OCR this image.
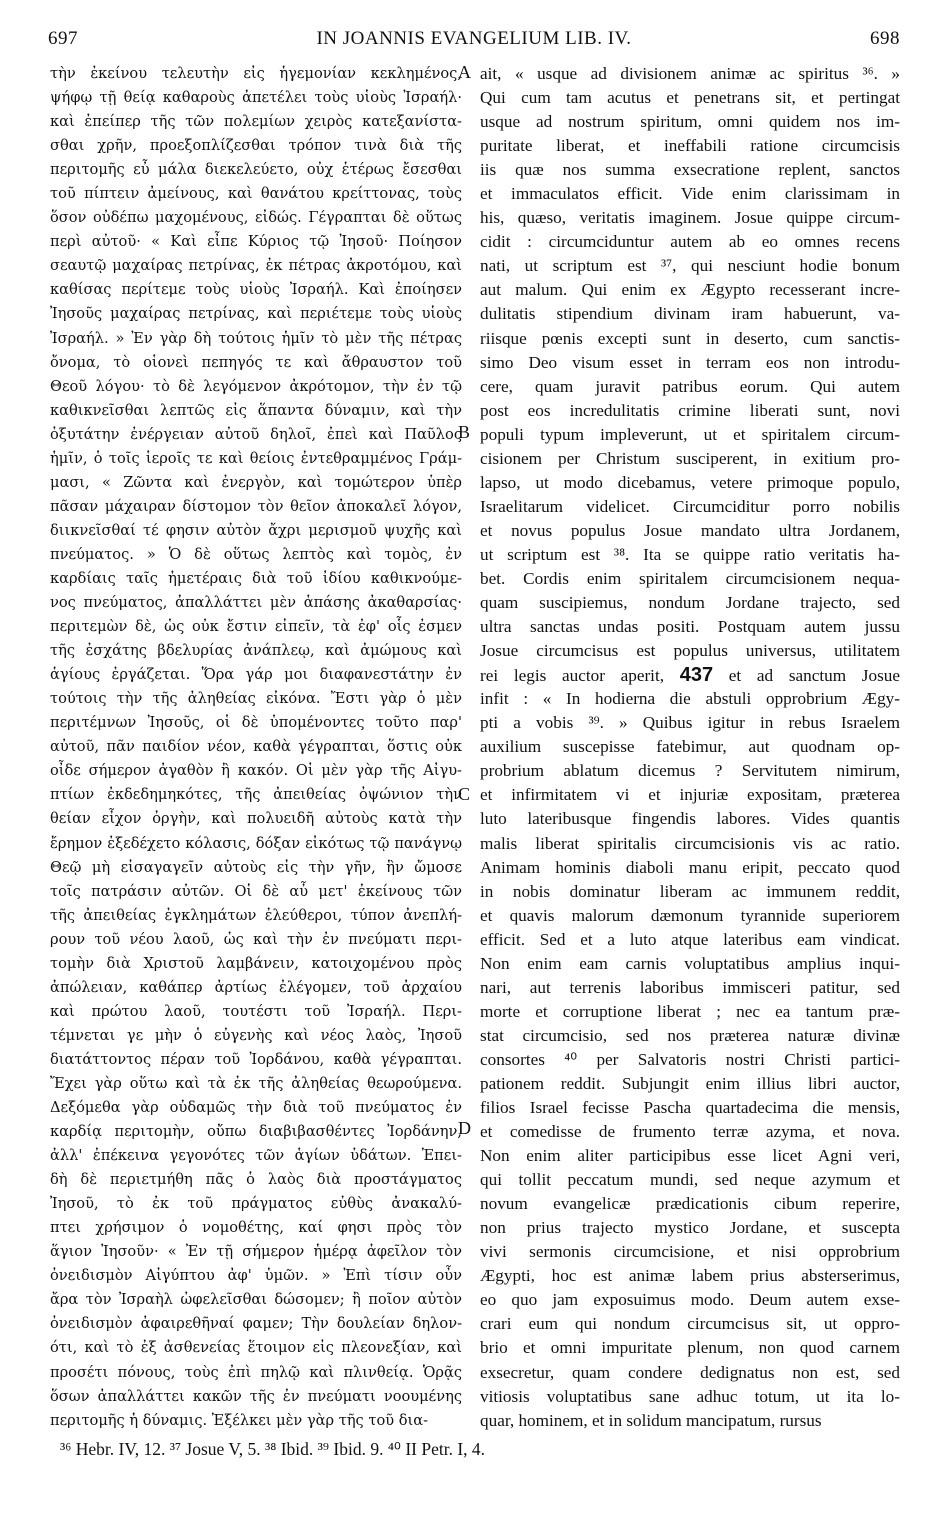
697	IN JOANNIS EVANGELIUM LIB. IV.	698
τὴν ἐκείνου τελευτὴν εἰς ἡγεμονίαν κεκλημένος,
ψήφῳ τῇ θείᾳ καθαροὺς ἀπετέλει τοὺς υἱοὺς Ἰσραήλ·
καὶ ἐπείπερ τῆς τῶν πολεμίων χειρὸς κατεξανίστα-
σθαι χρῆν, προεξοπλίζεσθαι τρόπον τινὰ διὰ τῆς
περιτομῆς εὖ μάλα διεκελεύετο, οὐχ ἑτέρως ἔσεσθαι
τοῦ πίπτειν ἀμείνους, καὶ θανάτου κρείττονας, τοὺς
ὅσον οὐδέπω μαχομένους, εἰδώς. Γέγραπται δὲ οὕτως
περὶ αὐτοῦ· « Καὶ εἶπε Κύριος τῷ Ἰησοῦ· Ποίησον
σεαυτῷ μαχαίρας πετρίνας, ἐκ πέτρας ἀκροτόμου, καὶ
καθίσας περίτεμε τοὺς υἱοὺς Ἰσραήλ. Καὶ ἐποίησεν
Ἰησοῦς μαχαίρας πετρίνας, καὶ περιέτεμε τοὺς υἱοὺς
Ἰσραήλ. » Ἐν γὰρ δὴ τούτοις ἡμῖν τὸ μὲν τῆς πέτρας
ὄνομα, τὸ οἱονεὶ πεπηγός τε καὶ ἄθραυστον τοῦ
Θεοῦ λόγου· τὸ δὲ λεγόμενον ἀκρότομον, τὴν ἐν τῷ
καθικνεῖσθαι λεπτῶς εἰς ἅπαντα δύναμιν, καὶ τὴν
ὀξυτάτην ἐνέργειαν αὐτοῦ δηλοῖ, ἐπεὶ καὶ Παῦλος
ἡμῖν, ὁ τοῖς ἱεροῖς τε καὶ θείοις ἐντεθραμμένος Γράμ-
μασι, « Ζῶντα καὶ ἐνεργὸν, καὶ τομώτερον ὑπὲρ
πᾶσαν μάχαιραν δίστομον τὸν θεῖον ἀποκαλεῖ λόγον,
διικνεῖσθαί τέ φησιν αὐτὸν ἄχρι μερισμοῦ ψυχῆς καὶ
πνεύματος. » Ὁ δὲ οὕτως λεπτὸς καὶ τομὸς, ἐν
καρδίαις ταῖς ἡμετέραις διὰ τοῦ ἰδίου καθικνούμε-
νος πνεύματος, ἀπαλλάττει μὲν ἁπάσης ἀκαθαρσίας·
περιτεμὼν δὲ, ὡς οὐκ ἔστιν εἰπεῖν, τὰ ἐφ' οἷς ἐσμεν
τῆς ἐσχάτης βδελυρίας ἀνάπλεῳ, καὶ ἀμώμους καὶ
ἁγίους ἐργάζεται. Ὅρα γάρ μοι διαφανεστάτην ἐν
τούτοις τὴν τῆς ἀληθείας εἰκόνα. Ἔστι γὰρ ὁ μὲν
περιτέμνων Ἰησοῦς, οἱ δὲ ὑπομένοντες τοῦτο παρ'
αὐτοῦ, πᾶν παιδίον νέον, καθὰ γέγραπται, ὅστις οὐκ
οἶδε σήμερον ἀγαθὸν ἢ κακόν. Οἱ μὲν γὰρ τῆς Αἰγυ-
πτίων ἐκδεδημηκότες, τῆς ἀπειθείας ὀψώνιον τὴν
θείαν εἶχον ὀργὴν, καὶ πολυειδῆ αὐτοὺς κατὰ τὴν
ἔρημον ἐξεδέχετο κόλασις, δόξαν εἰκότως τῷ πανάγνῳ
Θεῷ μὴ εἰσαγαγεῖν αὐτοὺς εἰς τὴν γῆν, ἣν ὤμοσε
τοῖς πατράσιν αὐτῶν. Οἱ δὲ αὖ μετ' ἐκείνους τῶν
τῆς ἀπειθείας ἐγκλημάτων ἐλεύθεροι, τύπον ἀνεπλή-
ρουν τοῦ νέου λαοῦ, ὡς καὶ τὴν ἐν πνεύματι περι-
τομὴν διὰ Χριστοῦ λαμβάνειν, κατοιχομένου πρὸς
ἀπώλειαν, καθάπερ ἀρτίως ἐλέγομεν, τοῦ ἀρχαίου
καὶ πρώτου λαοῦ, τουτέστι τοῦ Ἰσραήλ. Περι-
τέμνεται γε μὴν ὁ εὐγενὴς καὶ νέος λαὸς, Ἰησοῦ
διατάττοντος πέραν τοῦ Ἰορδάνου, καθὰ γέγραπται.
Ἔχει γὰρ οὕτω καὶ τὰ ἐκ τῆς ἀληθείας θεωρούμενα.
Δεξόμεθα γὰρ οὐδαμῶς τὴν διὰ τοῦ πνεύματος ἐν
καρδίᾳ περιτομὴν, οὔπω διαβιβασθέντες Ἰορδάνην,
ἀλλ' ἐπέκεινα γεγονότες τῶν ἁγίων ὑδάτων. Ἐπει-
δὴ δὲ περιετμήθη πᾶς ὁ λαὸς διὰ προστάγματος
Ἰησοῦ, τὸ ἐκ τοῦ πράγματος εὐθὺς ἀνακαλύ-
πτει χρήσιμον ὁ νομοθέτης, καί φησι πρὸς τὸν
ἅγιον Ἰησοῦν· « Ἐν τῇ σήμερον ἡμέρᾳ ἀφεῖλον τὸν
ὀνειδισμὸν Αἰγύπτου ἀφ' ὑμῶν. » Ἐπὶ τίσιν οὖν
ἄρα τὸν Ἰσραὴλ ὠφελεῖσθαι δώσομεν; ἢ ποῖον αὐτὸν
ὀνειδισμὸν ἀφαιρεθῆναί φαμεν; Τὴν δουλείαν δηλον-
ότι, καὶ τὸ ἐξ ἀσθενείας ἕτοιμον εἰς πλεονεξίαν, καὶ
προσέτι πόνους, τοὺς ἐπὶ πηλῷ καὶ πλινθείᾳ. Ὁρᾷς
ὅσων ἀπαλλάττει κακῶν τῆς ἐν πνεύματι νοουμένης
περιτομῆς ἡ δύναμις. Ἐξέλκει μὲν γὰρ τῆς τοῦ δια-
ait, « usque ad divisionem animæ ac spiritus ³⁶. »
Qui cum tam acutus et penetrans sit, et pertingat
usque ad nostrum spiritum, omni quidem nos im-
puritate liberat, et ineffabili ratione circumcisis
iis quæ nos summa exsecratione replent, sanctos
et immaculatos efficit. Vide enim clarissimam in
his, quæso, veritatis imaginem. Josue quippe circum-
cidit : circumciduntur autem ab eo omnes recens
nati, ut scriptum est ³⁷, qui nesciunt hodie bonum
aut malum. Qui enim ex Ægypto recesserant incre-
dulitatis stipendium divinam iram habuerunt, va-
riisque pœnis excepti sunt in deserto, cum sanctis-
simo Deo visum esset in terram eos non introdu-
cere, quam juravit patribus eorum. Qui autem
post eos incredulitatis crimine liberati sunt, novi
populi typum impleverunt, ut et spiritalem circum-
cisionem per Christum susciperent, in exitium pro-
lapso, ut modo dicebamus, vetere primoque populo,
Israelitarum videlicet. Circumciditur porro nobilis
et novus populus Josue mandato ultra Jordanem,
ut scriptum est ³⁸. Ita se quippe ratio veritatis ha-
bet. Cordis enim spiritalem circumcisionem nequa-
quam suscipiemus, nondum Jordane trajecto, sed
ultra sanctas undas positi. Postquam autem jussu
Josue circumcisus est populus universus, utilitatem
rei legis auctor aperit, 437 et ad sanctum Josue
infit : « In hodierna die abstuli opprobrium Ægy-
pti a vobis ³⁹. » Quibus igitur in rebus Israelem
auxilium suscepisse fatebimur, aut quodnam op-
probrium ablatum dicemus ? Servitutem nimirum,
et infirmitatem vi et injuriæ expositam, præterea
luto lateribusque fingendis labores. Vides quantis
malis liberat spiritalis circumcisionis vis ac ratio.
Animam hominis diaboli manu eripit, peccato quod
in nobis dominatur liberam ac immunem reddit,
et quavis malorum dæmonum tyrannide superiorem
efficit. Sed et a luto atque lateribus eam vindicat.
Non enim eam carnis voluptatibus amplius inqui-
nari, aut terrenis laboribus immisceri patitur, sed
morte et corruptione liberat ; nec ea tantum præ-
stat circumcisio, sed nos præterea naturæ divinæ
consortes ⁴⁰ per Salvatoris nostri Christi partici-
pationem reddit. Subjungit enim illius libri auctor,
filios Israel fecisse Pascha quartadecima die mensis,
et comedisse de frumento terræ azyma, et nova.
Non enim aliter participibus esse licet Agni veri,
qui tollit peccatum mundi, sed neque azymum et
novum evangelicæ prædicationis cibum reperire,
non prius trajecto mystico Jordane, et suscepta
vivi sermonis circumcisione, et nisi opprobrium
Ægypti, hoc est animæ labem prius absterserimus,
eo quo jam exposuimus modo. Deum autem exse-
crari eum qui nondum circumcisus sit, ut oppro-
brio et omni impuritate plenum, non quod carnem
exsecretur, quam condere dedignatus non est, sed
vitiosis voluptatibus sane adhuc totum, ut ita lo-
quar, hominem, et in solidum mancipatum, rursus
A
B
C
D
³⁶ Hebr. IV, 12. ³⁷ Josue V, 5. ³⁸ Ibid. ³⁹ Ibid. 9. ⁴⁰ II Petr. I, 4.
